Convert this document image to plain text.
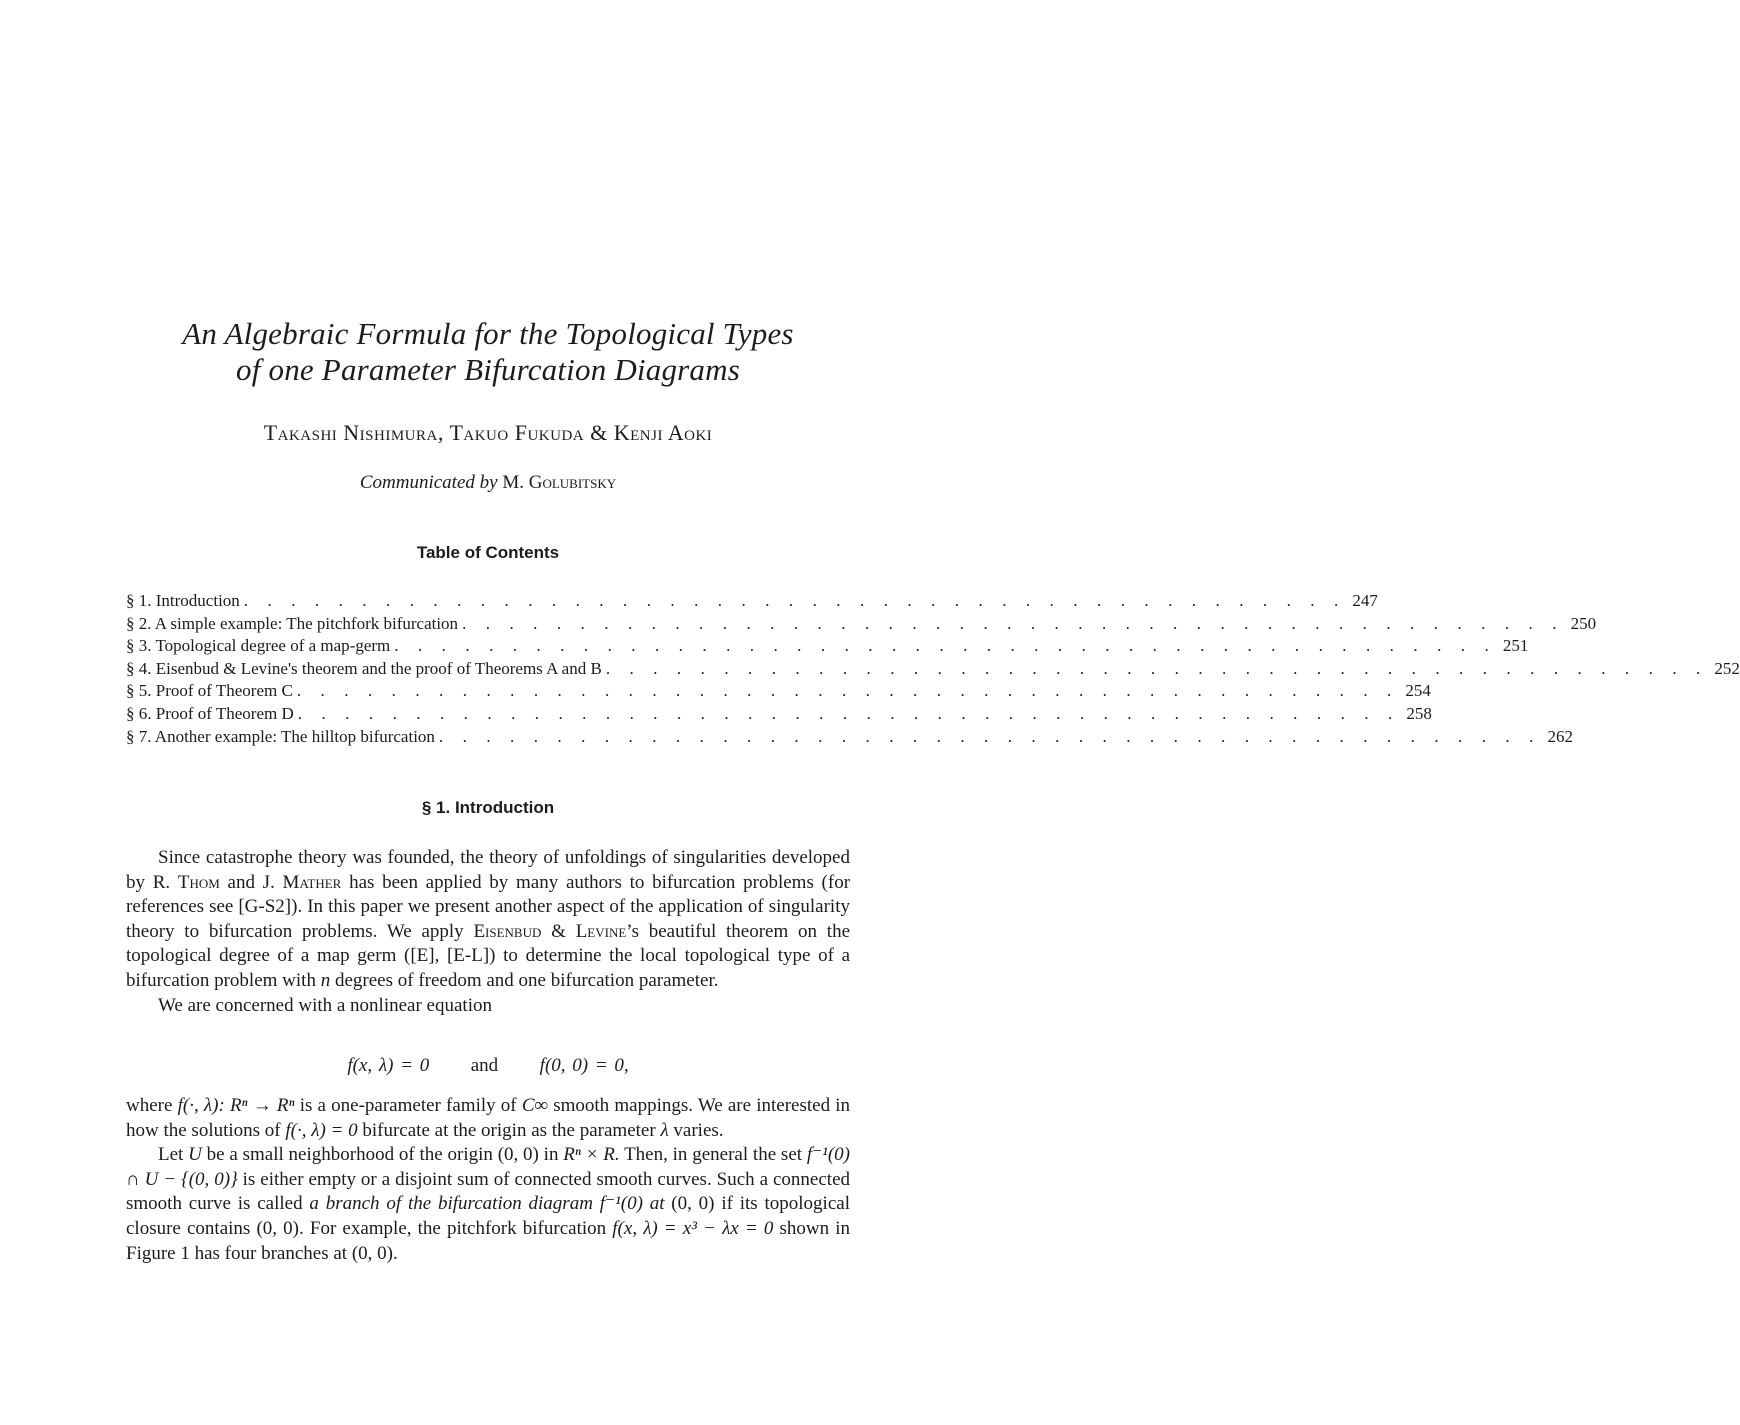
An Algebraic Formula for the Topological Types
of one Parameter Bifurcation Diagrams
Takashi Nishimura, Takuo Fukuda & Kenji Aoki
Communicated by M. Golubitsky
Table of Contents
§ 1. Introduction . . . . . . . . . . . . . . . . . . . . . . . . . . . . . . . . . . . . . . . . . . . . . . . 247
§ 2. A simple example: The pitchfork bifurcation . . . . . . . . . . . . . . . . . . . . . . . . . . . . . . . . . . . . . . . . . . . . . . . 250
§ 3. Topological degree of a map-germ . . . . . . . . . . . . . . . . . . . . . . . . . . . . . . . . . . . . . . . . . . . . . . . 251
§ 4. Eisenbud & Levine's theorem and the proof of Theorems A and B . . . . . . . . . . . . . . . . . . . . . . . . . . . . . . . . . . . . . . . . . . . . . . . 252
§ 5. Proof of Theorem C . . . . . . . . . . . . . . . . . . . . . . . . . . . . . . . . . . . . . . . . . . . . . . . 254
§ 6. Proof of Theorem D . . . . . . . . . . . . . . . . . . . . . . . . . . . . . . . . . . . . . . . . . . . . . . . 258
§ 7. Another example: The hilltop bifurcation . . . . . . . . . . . . . . . . . . . . . . . . . . . . . . . . . . . . . . . . . . . . . . . 262
§ 1. Introduction

Since catastrophe theory was founded, the theory of unfoldings of singularities developed by R. Thom and J. Mather has been applied by many authors to bifurcation problems (for references see [G-S2]). In this paper we present another aspect of the application of singularity theory to bifurcation problems. We apply Eisenbud & Levine’s beautiful theorem on the topological degree of a map germ ([E], [E-L]) to determine the local topological type of a bifurcation problem with n degrees of freedom and one bifurcation parameter.

We are concerned with a nonlinear equation

f(x, λ) = 0 and f(0, 0) = 0,

where f(·, λ): Rⁿ → Rⁿ is a one-parameter family of C∞ smooth mappings. We are interested in how the solutions of f(·, λ) = 0 bifurcate at the origin as the parameter λ varies.

Let U be a small neighborhood of the origin (0, 0) in Rⁿ × R. Then, in general the set f⁻¹(0) ∩ U − {(0, 0)} is either empty or a disjoint sum of connected smooth curves. Such a connected smooth curve is called a branch of the bifurcation diagram f⁻¹(0) at (0, 0) if its topological closure contains (0, 0). For example, the pitchfork bifurcation f(x, λ) = x³ − λx = 0 shown in Figure 1 has four branches at (0, 0).
